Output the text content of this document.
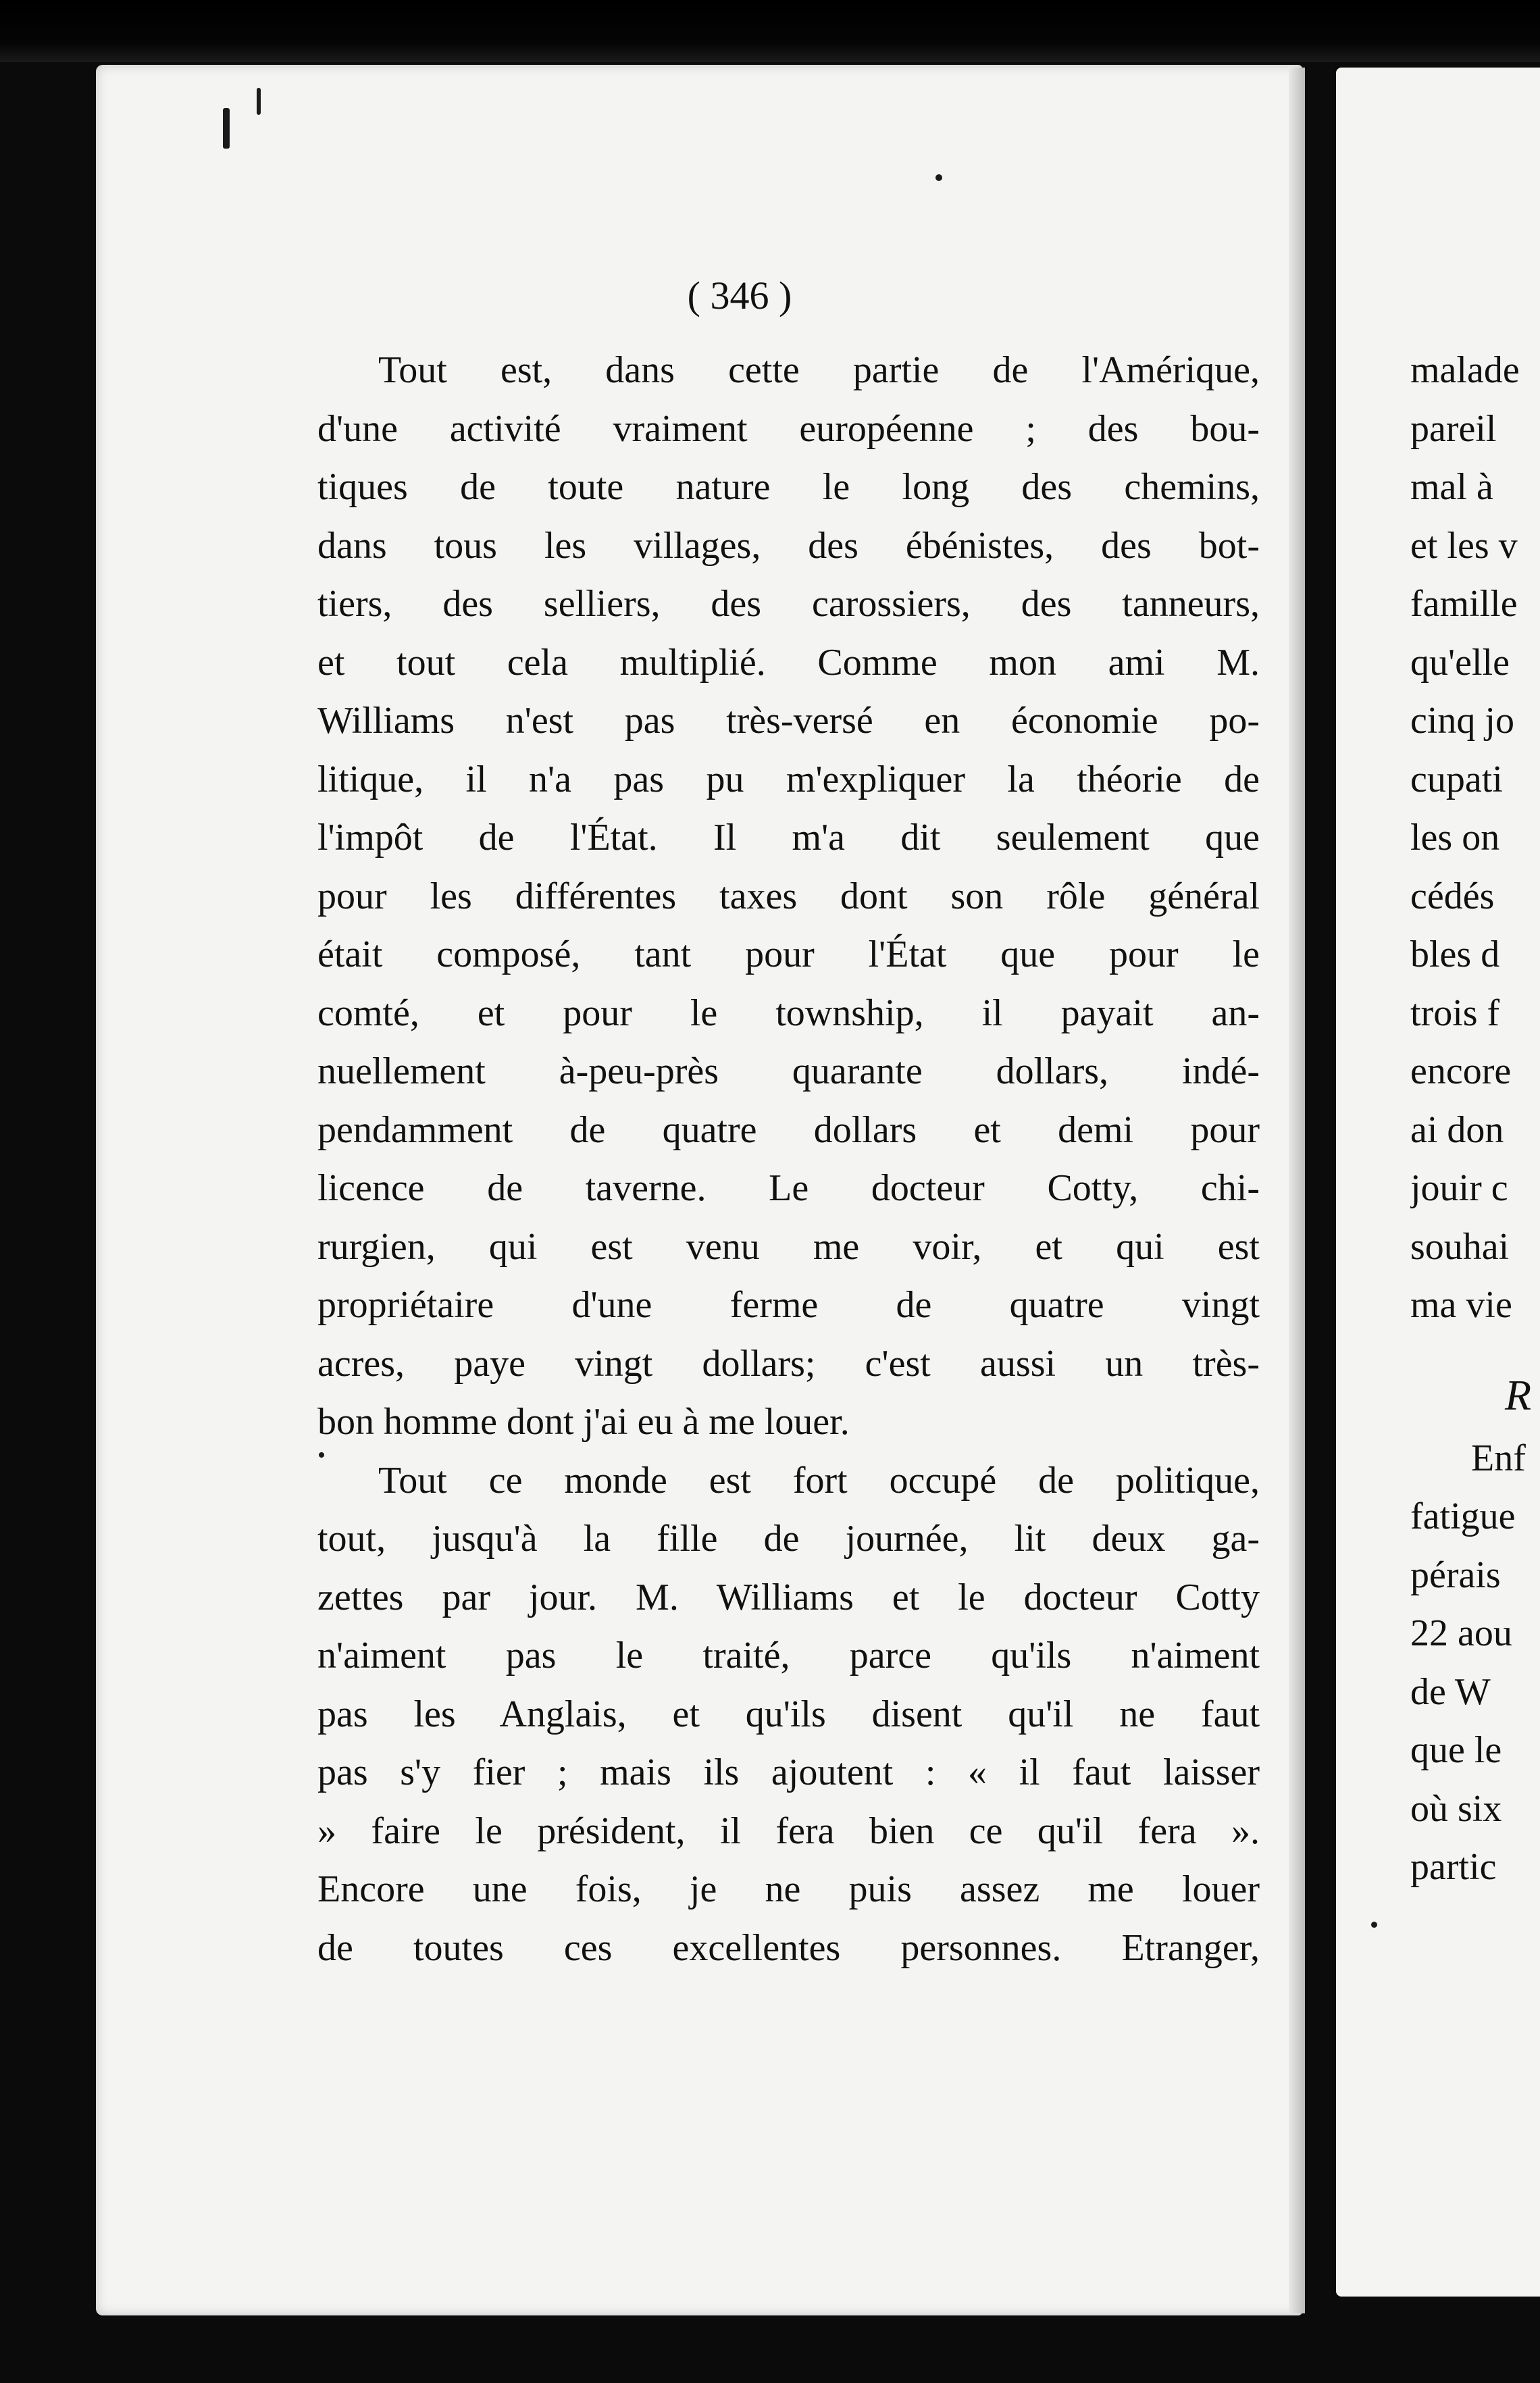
( 346 )
Tout est, dans cette partie de l'Amérique,
d'une activité vraiment européenne ; des bou-
tiques de toute nature le long des chemins,
dans tous les villages, des ébénistes, des bot-
tiers, des selliers, des carossiers, des tanneurs,
et tout cela multiplié. Comme mon ami M.
Williams n'est pas très-versé en économie po-
litique, il n'a pas pu m'expliquer la théorie de
l'impôt de l'État. Il m'a dit seulement que
pour les différentes taxes dont son rôle général
était composé, tant pour l'État que pour le
comté, et pour le township, il payait an-
nuellement à-peu-près quarante dollars, indé-
pendamment de quatre dollars et demi pour
licence de taverne. Le docteur Cotty, chi-
rurgien, qui est venu me voir, et qui est
propriétaire d'une ferme de quatre vingt
acres, paye vingt dollars; c'est aussi un très-
bon homme dont j'ai eu à me louer.
Tout ce monde est fort occupé de politique,
tout, jusqu'à la fille de journée, lit deux ga-
zettes par jour. M. Williams et le docteur Cotty
n'aiment pas le traité, parce qu'ils n'aiment
pas les Anglais, et qu'ils disent qu'il ne faut
pas s'y fier ; mais ils ajoutent : « il faut laisser
» faire le président, il fera bien ce qu'il fera ».
Encore une fois, je ne puis assez me louer
de toutes ces excellentes personnes. Etranger,
malade
pareil
mal à
et les v
famille
qu'elle
cinq jo
cupati
les on
cédés
bles d
trois f
encore
ai don
jouir c
souhai
ma vie
R
Enf
fatigue
pérais
22 aou
de W
que le
où six
partic
